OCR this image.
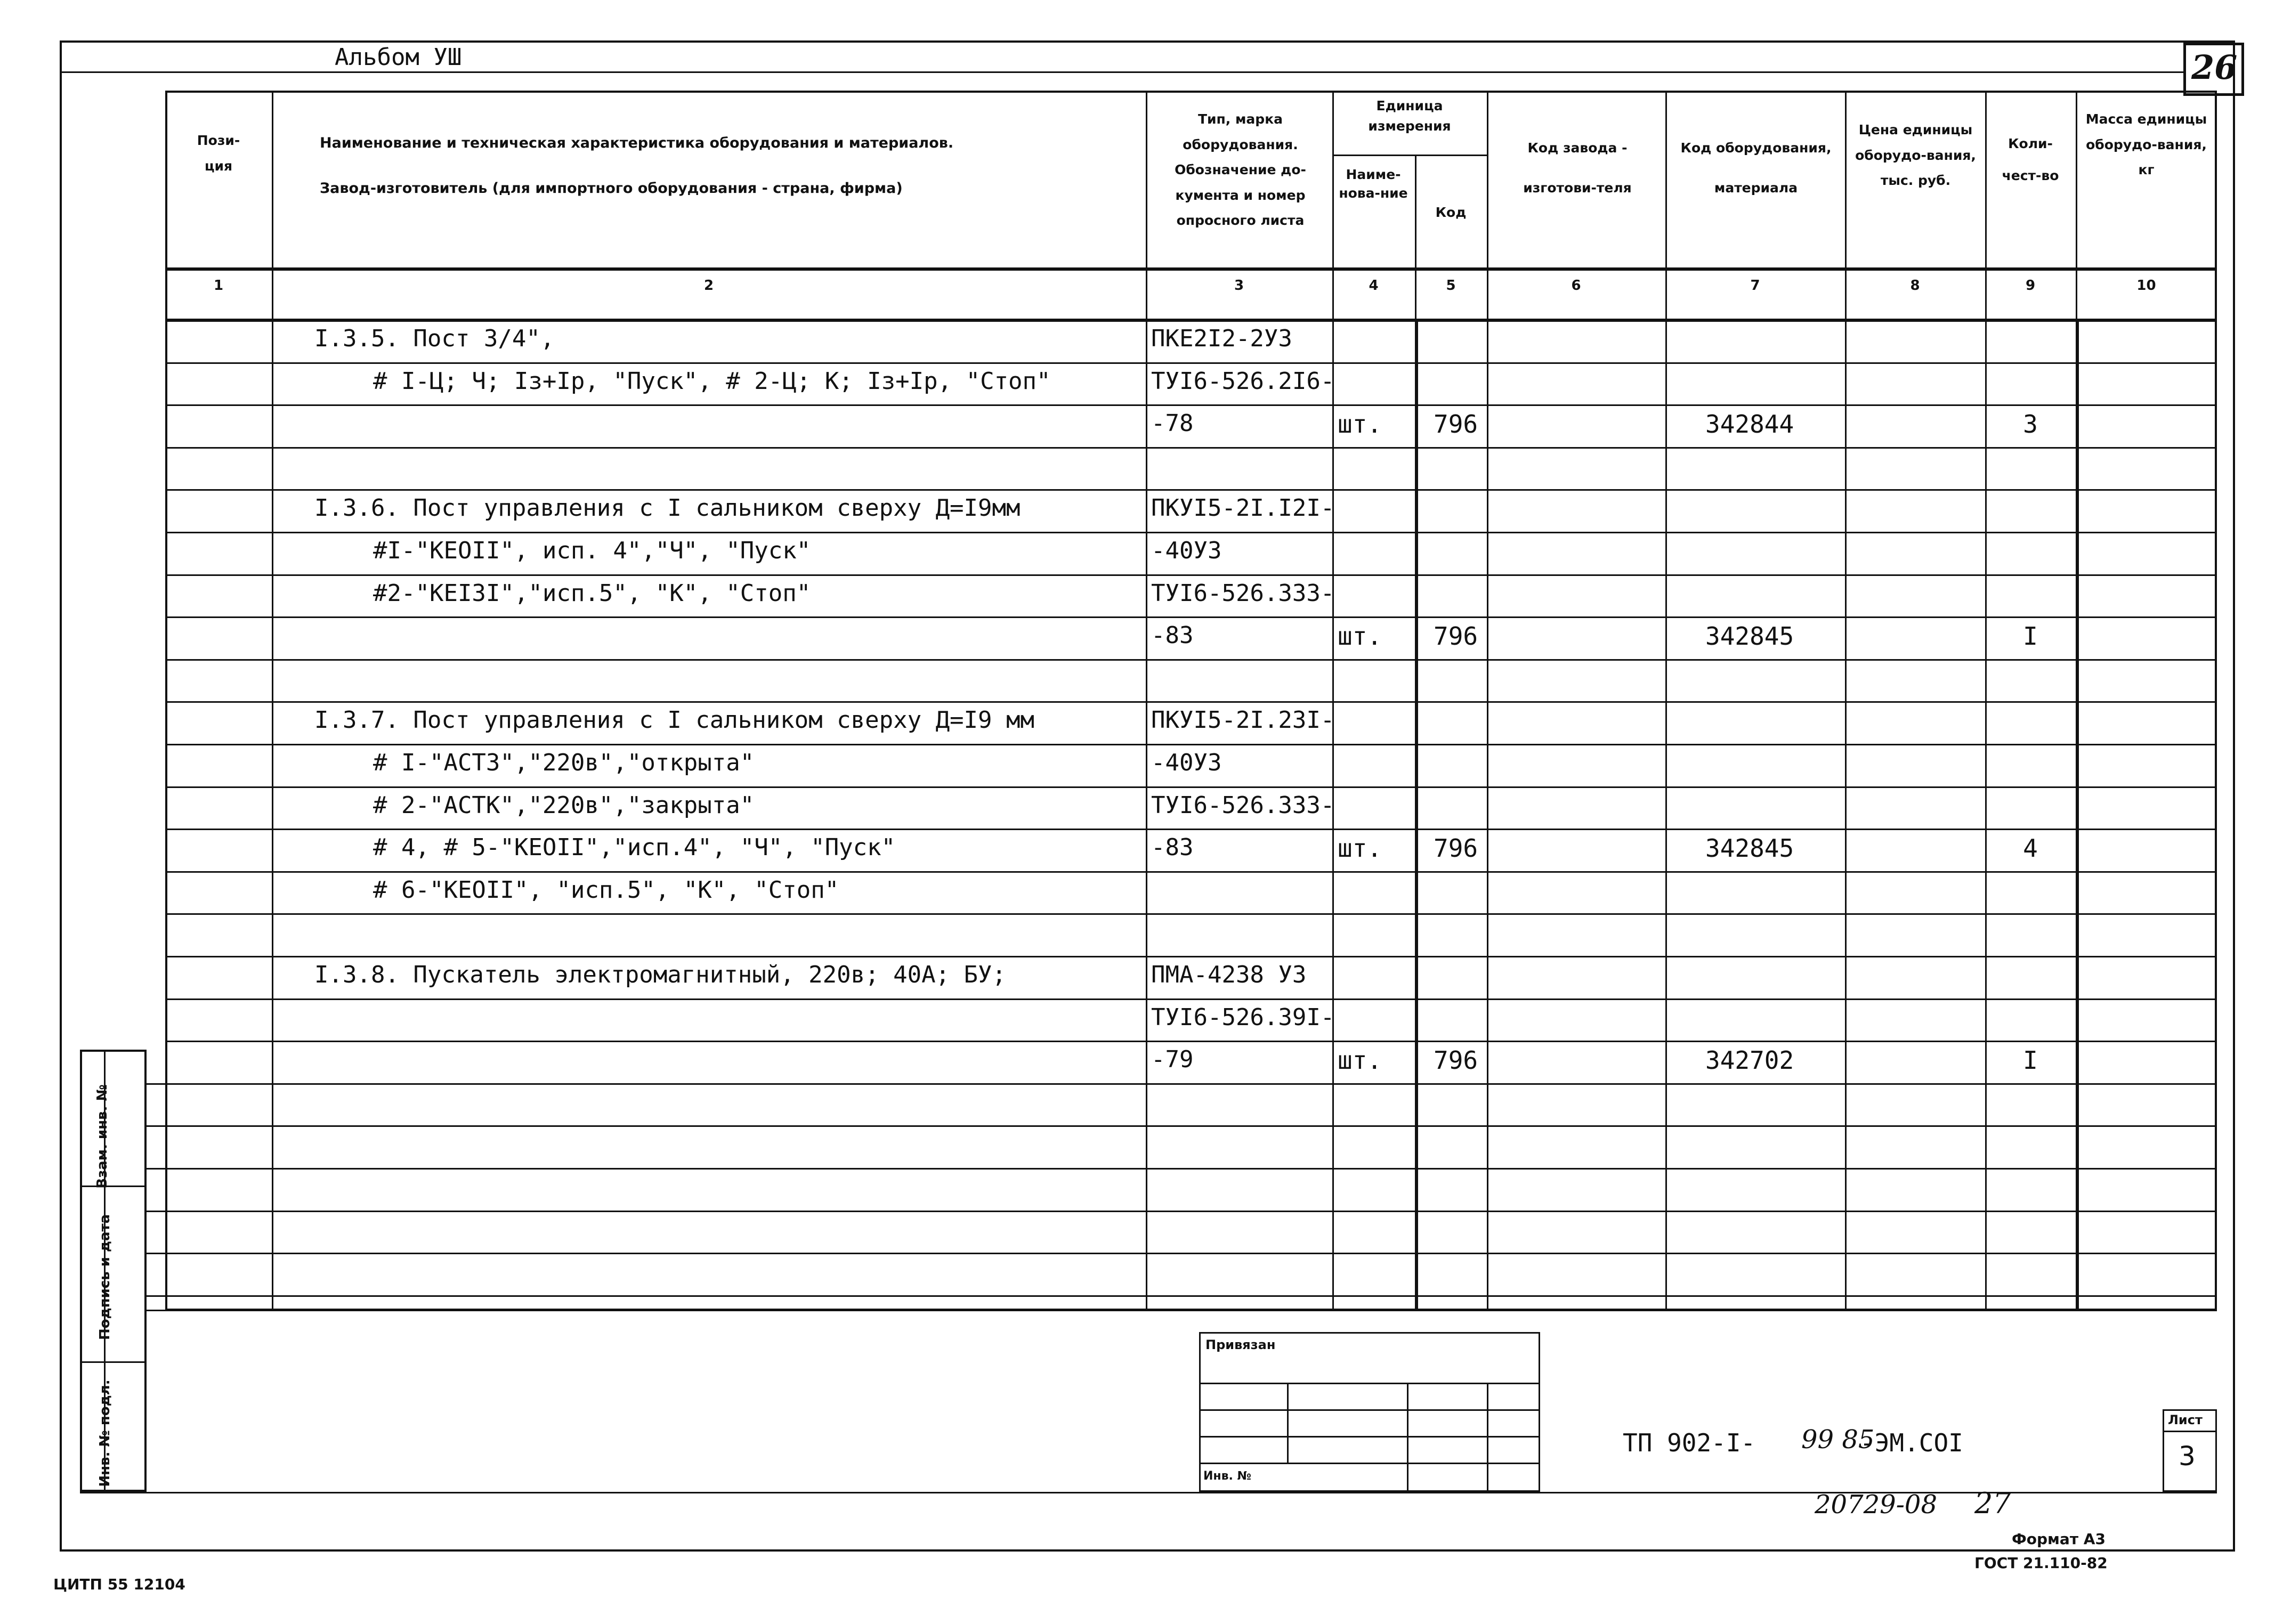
Альбом УШ	26
Пози-
ция
Наименование и техническая характеристика оборудования и материалов.
Завод-изготовитель (для импортного оборудования - страна, фирма)
Тип, марка оборудования. Обозначение до-кумента и номер опросного листа
Единица измерения
Наиме-нова-ние
Код
Код завода - изготови-теля
Код оборудования, материала
Цена единицы оборудо-вания, тыс. руб.
Коли-чест-во
Масса единицы оборудо-вания, кг
1	2	3	4	5	6	7	8	9	10
I.3.5. Пост 3/4",	ПКЕ2I2-2У3
# I-Ц; Ч; Iз+Iр, "Пуск", # 2-Ц; К; Iз+Iр, "Стоп"	ТУI6-526.2I6-
-78	шт.	796	342844	3
I.3.6. Пост управления с I сальником сверху Д=I9мм	ПКУI5-2I.I2I-
#I-"КЕОII", исп. 4","Ч", "Пуск"	-40У3
#2-"КЕI3I","исп.5", "К", "Стоп"	ТУI6-526.333-
-83	шт.	796	342845	I
I.3.7. Пост управления с I сальником сверху Д=I9 мм	ПКУI5-2I.23I-
# I-"АСТЗ","220в","открыта"	-40У3
# 2-"АСТК","220в","закрыта"	ТУI6-526.333-
# 4, # 5-"КЕОII","исп.4", "Ч", "Пуск"	-83	шт.	796	342845	4
# 6-"КЕОII", "исп.5", "К", "Стоп"
I.3.8. Пускатель электромагнитный, 220в; 40А; БУ;	ПМА-4238 У3
ТУI6-526.39I-
-79	шт.	796	342702	I
Взам. инв. №
Подпись и дата
Инв. № подл.
Привязан
Инв. №
ТП 902-I- 99 85
-ЭМ.СОI
Лист
3
20729-08 27
Формат А3
ГОСТ 21.110-82
ЦИТП 55 12104
